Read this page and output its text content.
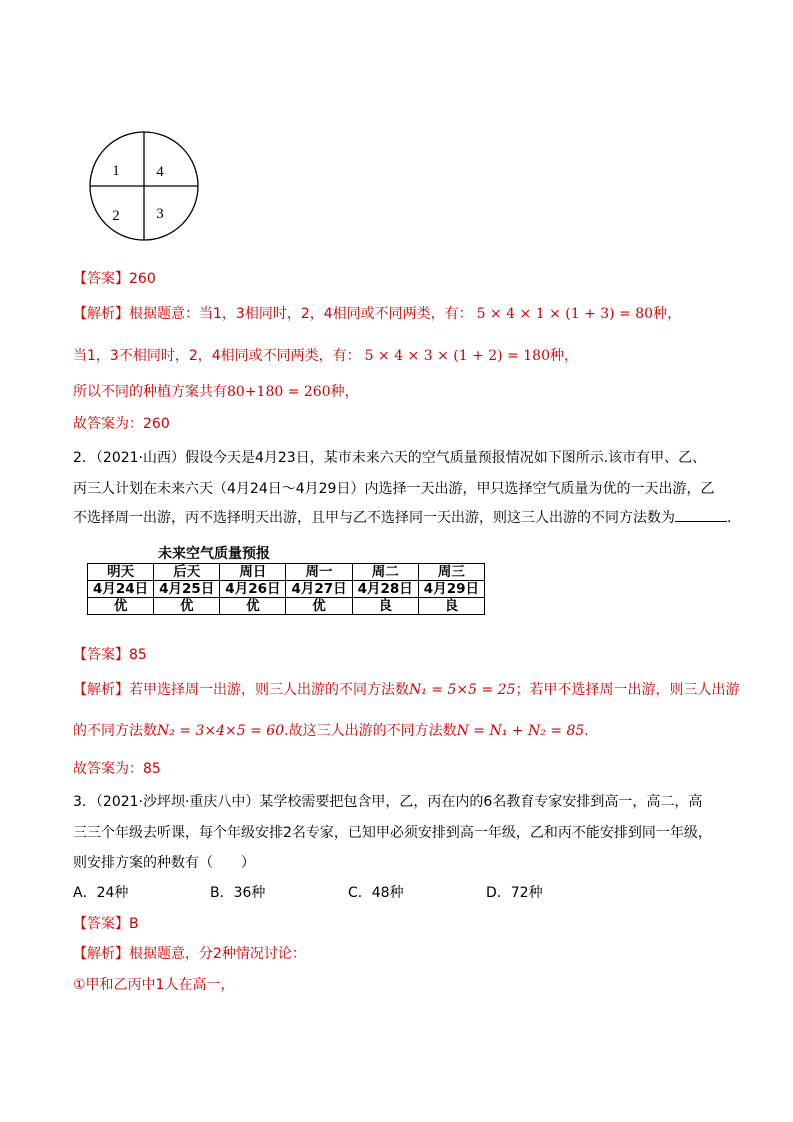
1 4
2 3
【答案】260
【解析】根据题意：当1，3相同时，2，4相同或不同两类，有： 5 × 4 × 1 × (1 + 3) = 80种，
当1，3不相同时，2，4相同或不同两类，有： 5 × 4 × 3 × (1 + 2) = 180种，
所以不同的种植方案共有80+180 = 260种，
故答案为：260
2．（2021·山西）假设今天是4月23日，某市未来六天的空气质量预报情况如下图所示.该市有甲、乙、
丙三人计划在未来六天（4月24日～4月29日）内选择一天出游，甲只选择空气质量为优的一天出游，乙
不选择周一出游，丙不选择明天出游，且甲与乙不选择同一天出游，则这三人出游的不同方法数为	.
未来空气质量预报
明天	后天	周日	周一	周二	周三
4月24日	4月25日	4月26日	4月27日	4月28日	4月29日
优	优	优	优	良	良
【答案】85
【解析】若甲选择周一出游，则三人出游的不同方法数N₁ = 5×5 = 25；若甲不选择周一出游，则三人出游
的不同方法数N₂ = 3×4×5 = 60.故这三人出游的不同方法数N = N₁ + N₂ = 85.
故答案为：85
3．（2021·沙坪坝·重庆八中）某学校需要把包含甲，乙，丙在内的6名教育专家安排到高一，高二，高
三三个年级去听课，每个年级安排2名专家，已知甲必须安排到高一年级，乙和丙不能安排到同一年级，
则安排方案的种数有（　　）
A．24种	B．36种	C．48种	D．72种
【答案】B
【解析】根据题意，分2种情况讨论：
①甲和乙丙中1人在高一，
